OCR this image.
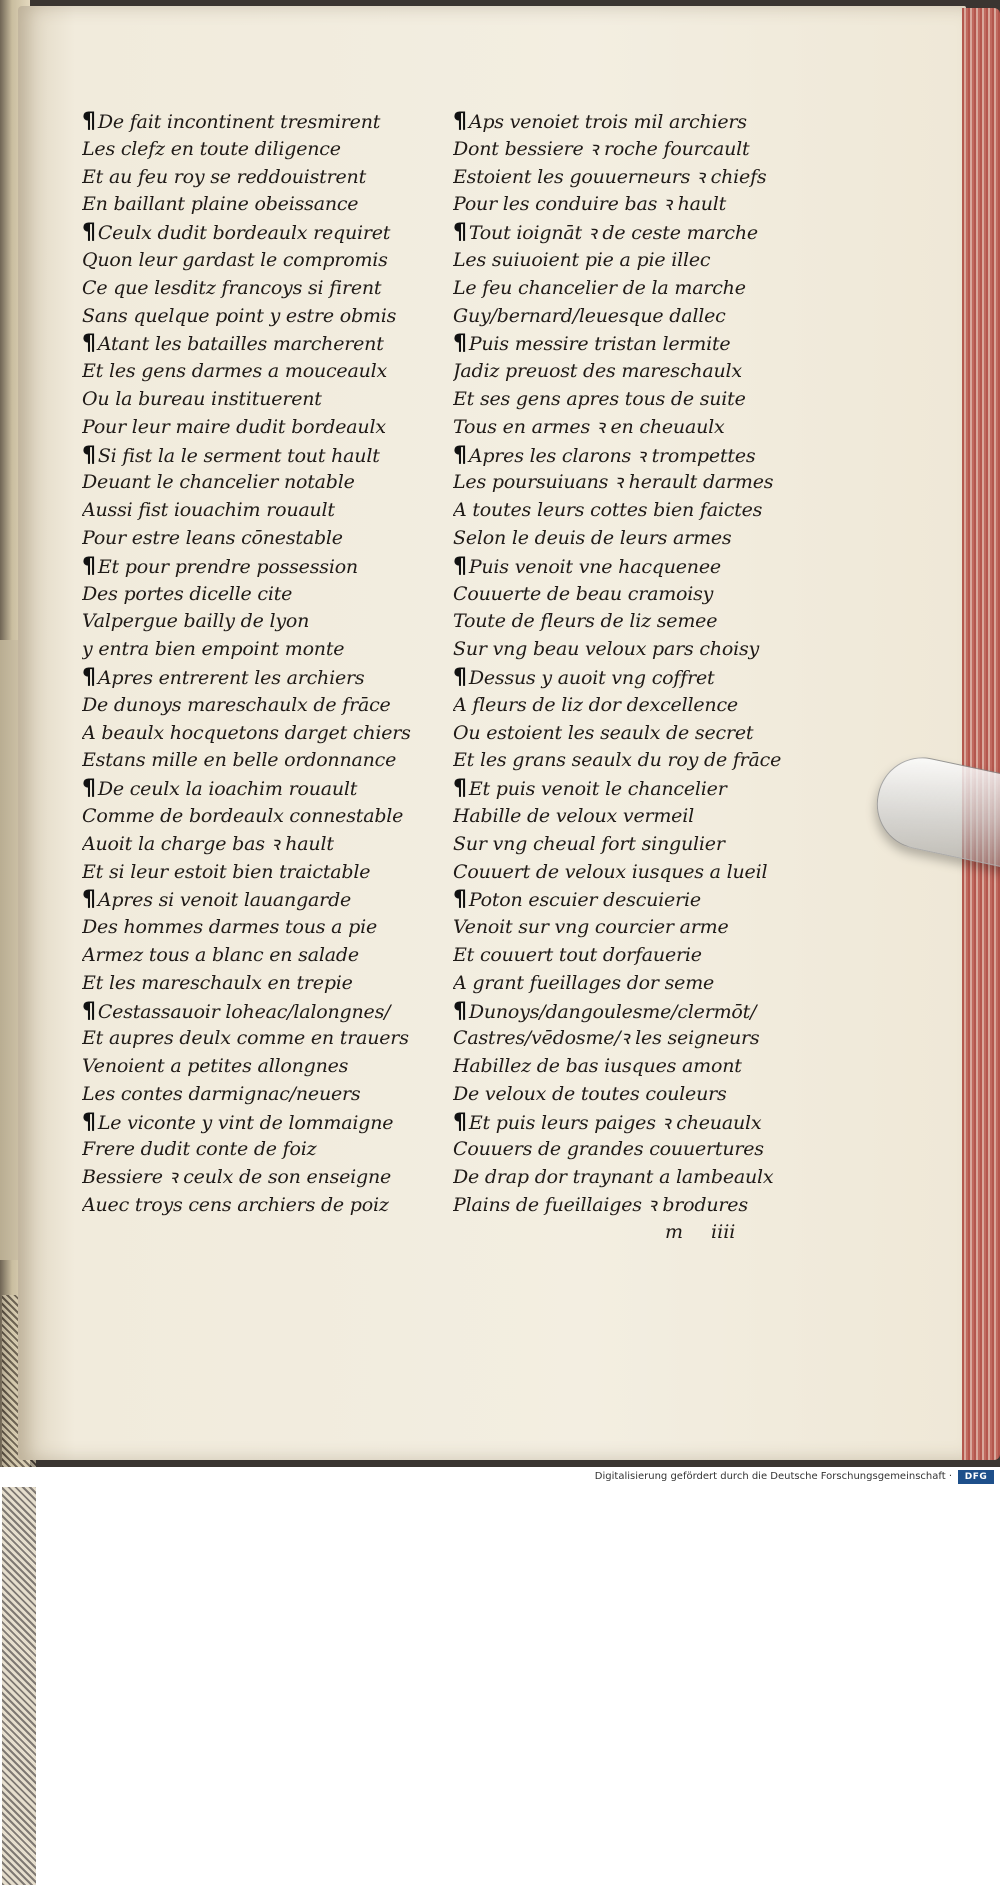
¶ De fait incontinent tresmirent
Les clefz en toute diligence
Et au feu roy se reddouistrent
En baillant plaine obeissance
¶ Ceulx dudit bordeaulx requiret
Quon leur gardast le compromis
Ce que lesditz francoys si firent
Sans quelque point y estre obmis
¶ Atant les batailles marcherent
Et les gens darmes a mouceaulx
Ou la bureau instituerent
Pour leur maire dudit bordeaulx
¶ Si fist la le serment tout hault
Deuant le chancelier notable
Aussi fist iouachim rouault
Pour estre leans cōnestable
¶ Et pour prendre possession
Des portes dicelle cite
Valpergue bailly de lyon
y entra bien empoint monte
¶ Apres entrerent les archiers
De dunoys mareschaulx de frāce
A beaulx hocquetons darget chiers
Estans mille en belle ordonnance
¶ De ceulx la ioachim rouault
Comme de bordeaulx connestable
Auoit la charge bas ꝛ hault
Et si leur estoit bien traictable
¶ Apres si venoit lauangarde
Des hommes darmes tous a pie
Armez tous a blanc en salade
Et les mareschaulx en trepie
¶ Cestassauoir loheac/lalongnes/
Et aupres deulx comme en trauers
Venoient a petites allongnes
Les contes darmignac/neuers
¶ Le viconte y vint de lommaigne
Frere dudit conte de foiz
Bessiere ꝛ ceulx de son enseigne
Auec troys cens archiers de poiz
¶ Aps venoiet trois mil archiers
Dont bessiere ꝛ roche fourcault
Estoient les gouuerneurs ꝛ chiefs
Pour les conduire bas ꝛ hault
¶ Tout ioignāt ꝛ de ceste marche
Les suiuoient pie a pie illec
Le feu chancelier de la marche
Guy/bernard/leuesque dallec
¶ Puis messire tristan lermite
Jadiz preuost des mareschaulx
Et ses gens apres tous de suite
Tous en armes ꝛ en cheuaulx
¶ Apres les clarons ꝛ trompettes
Les poursuiuans ꝛ herault darmes
A toutes leurs cottes bien faictes
Selon le deuis de leurs armes
¶ Puis venoit vne hacquenee
Couuerte de beau cramoisy
Toute de fleurs de liz semee
Sur vng beau veloux pars choisy
¶ Dessus y auoit vng coffret
A fleurs de liz dor dexcellence
Ou estoient les seaulx de secret
Et les grans seaulx du roy de frāce
¶ Et puis venoit le chancelier
Habille de veloux vermeil
Sur vng cheual fort singulier
Couuert de veloux iusques a lueil
¶ Poton escuier descuierie
Venoit sur vng courcier arme
Et couuert tout dorfauerie
A grant fueillages dor seme
¶ Dunoys/dangoulesme/clermōt/
Castres/vēdosme/ꝛ les seigneurs
Habillez de bas iusques amont
De veloux de toutes couleurs
¶ Et puis leurs paiges ꝛ cheuaulx
Couuers de grandes couuertures
De drap dor traynant a lambeaulx
Plains de fueillaiges ꝛ brodures
m iiii
Digitalisierung gefördert durch die Deutsche Forschungsgemeinschaft ·	DFG
